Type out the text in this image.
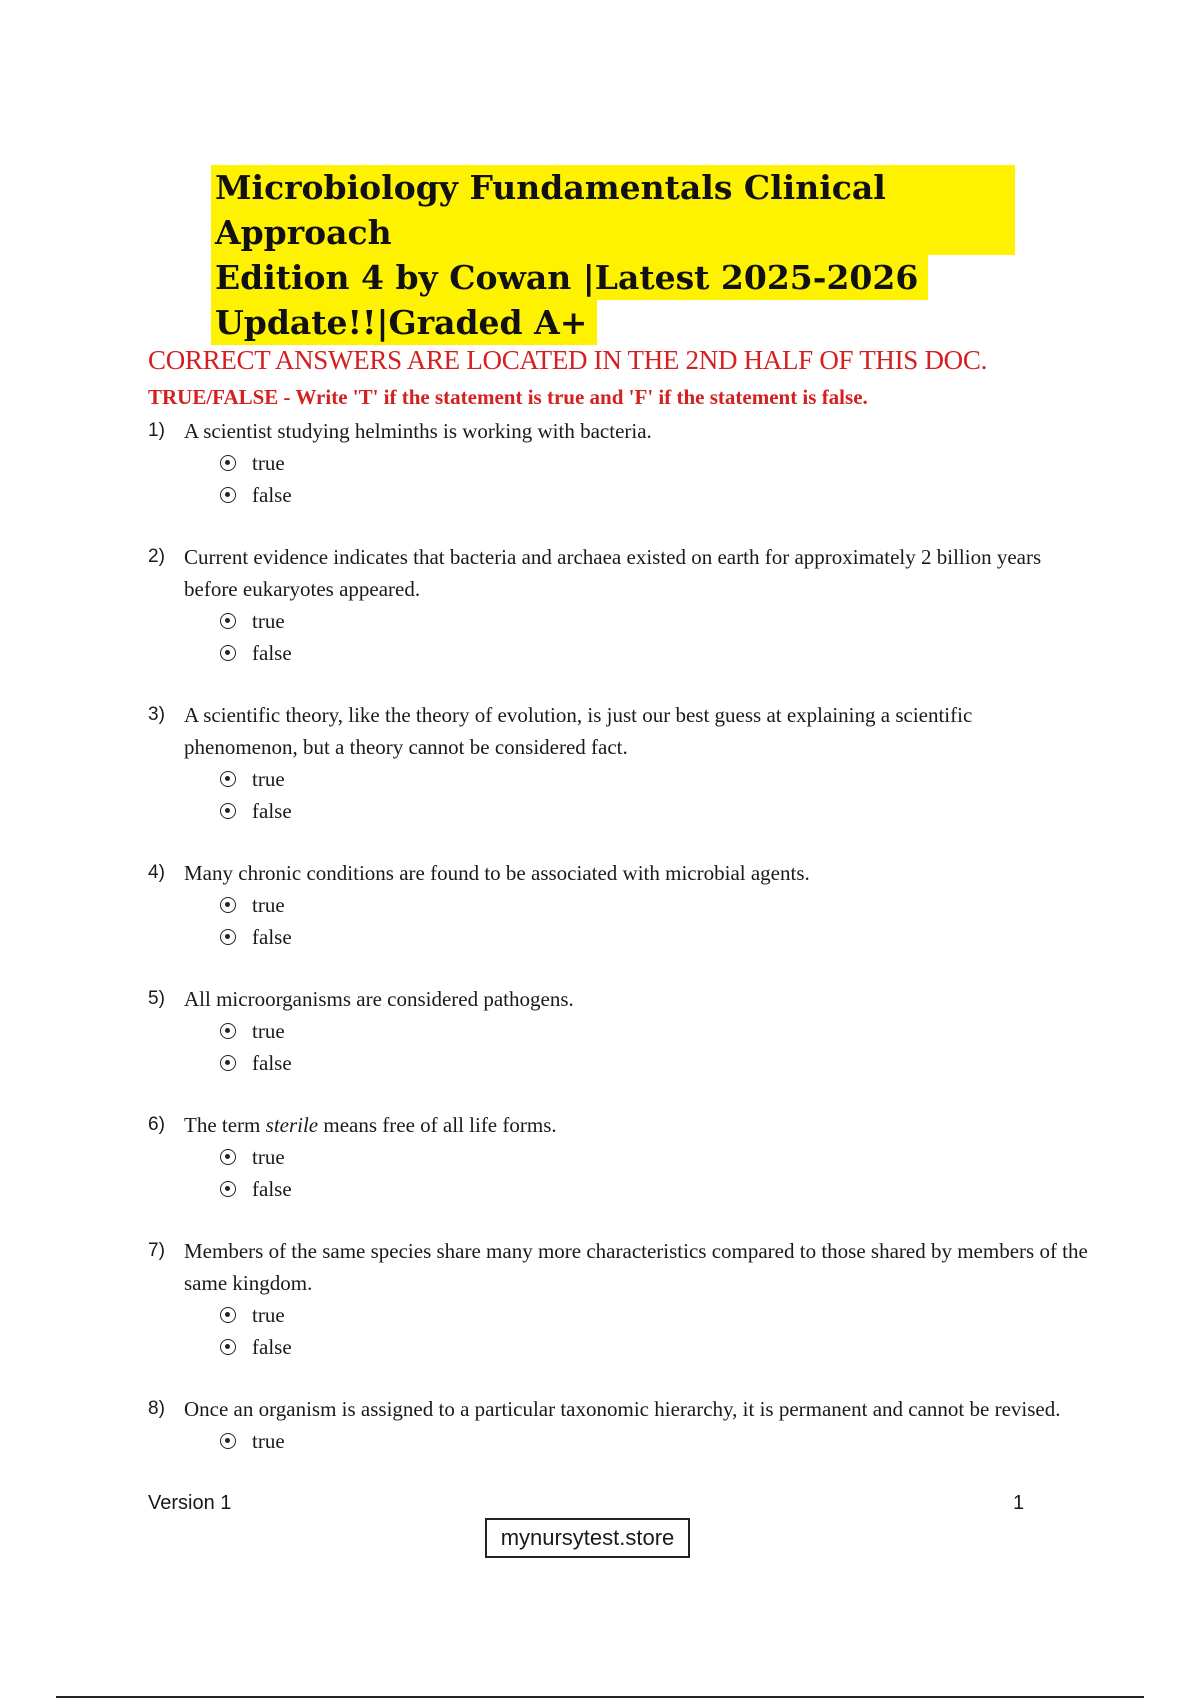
Microbiology Fundamentals Clinical Approach
Edition 4 by Cowan |Latest 2025-2026
Update!!|Graded A+
CORRECT ANSWERS ARE LOCATED IN THE 2ND HALF OF THIS DOC.
TRUE/FALSE - Write 'T' if the statement is true and 'F' if the statement is false.
1) A scientist studying helminths is working with bacteria.
true
false
2) Current evidence indicates that bacteria and archaea existed on earth for approximately 2 billion years before eukaryotes appeared.
true
false
3) A scientific theory, like the theory of evolution, is just our best guess at explaining a scientific phenomenon, but a theory cannot be considered fact.
true
false
4) Many chronic conditions are found to be associated with microbial agents.
true
false
5) All microorganisms are considered pathogens.
true
false
6) The term sterile means free of all life forms.
true
false
7) Members of the same species share many more characteristics compared to those shared by members of the same kingdom.
true
false
8) Once an organism is assigned to a particular taxonomic hierarchy, it is permanent and cannot be revised.
true
Version 1	1
mynursytest.store
